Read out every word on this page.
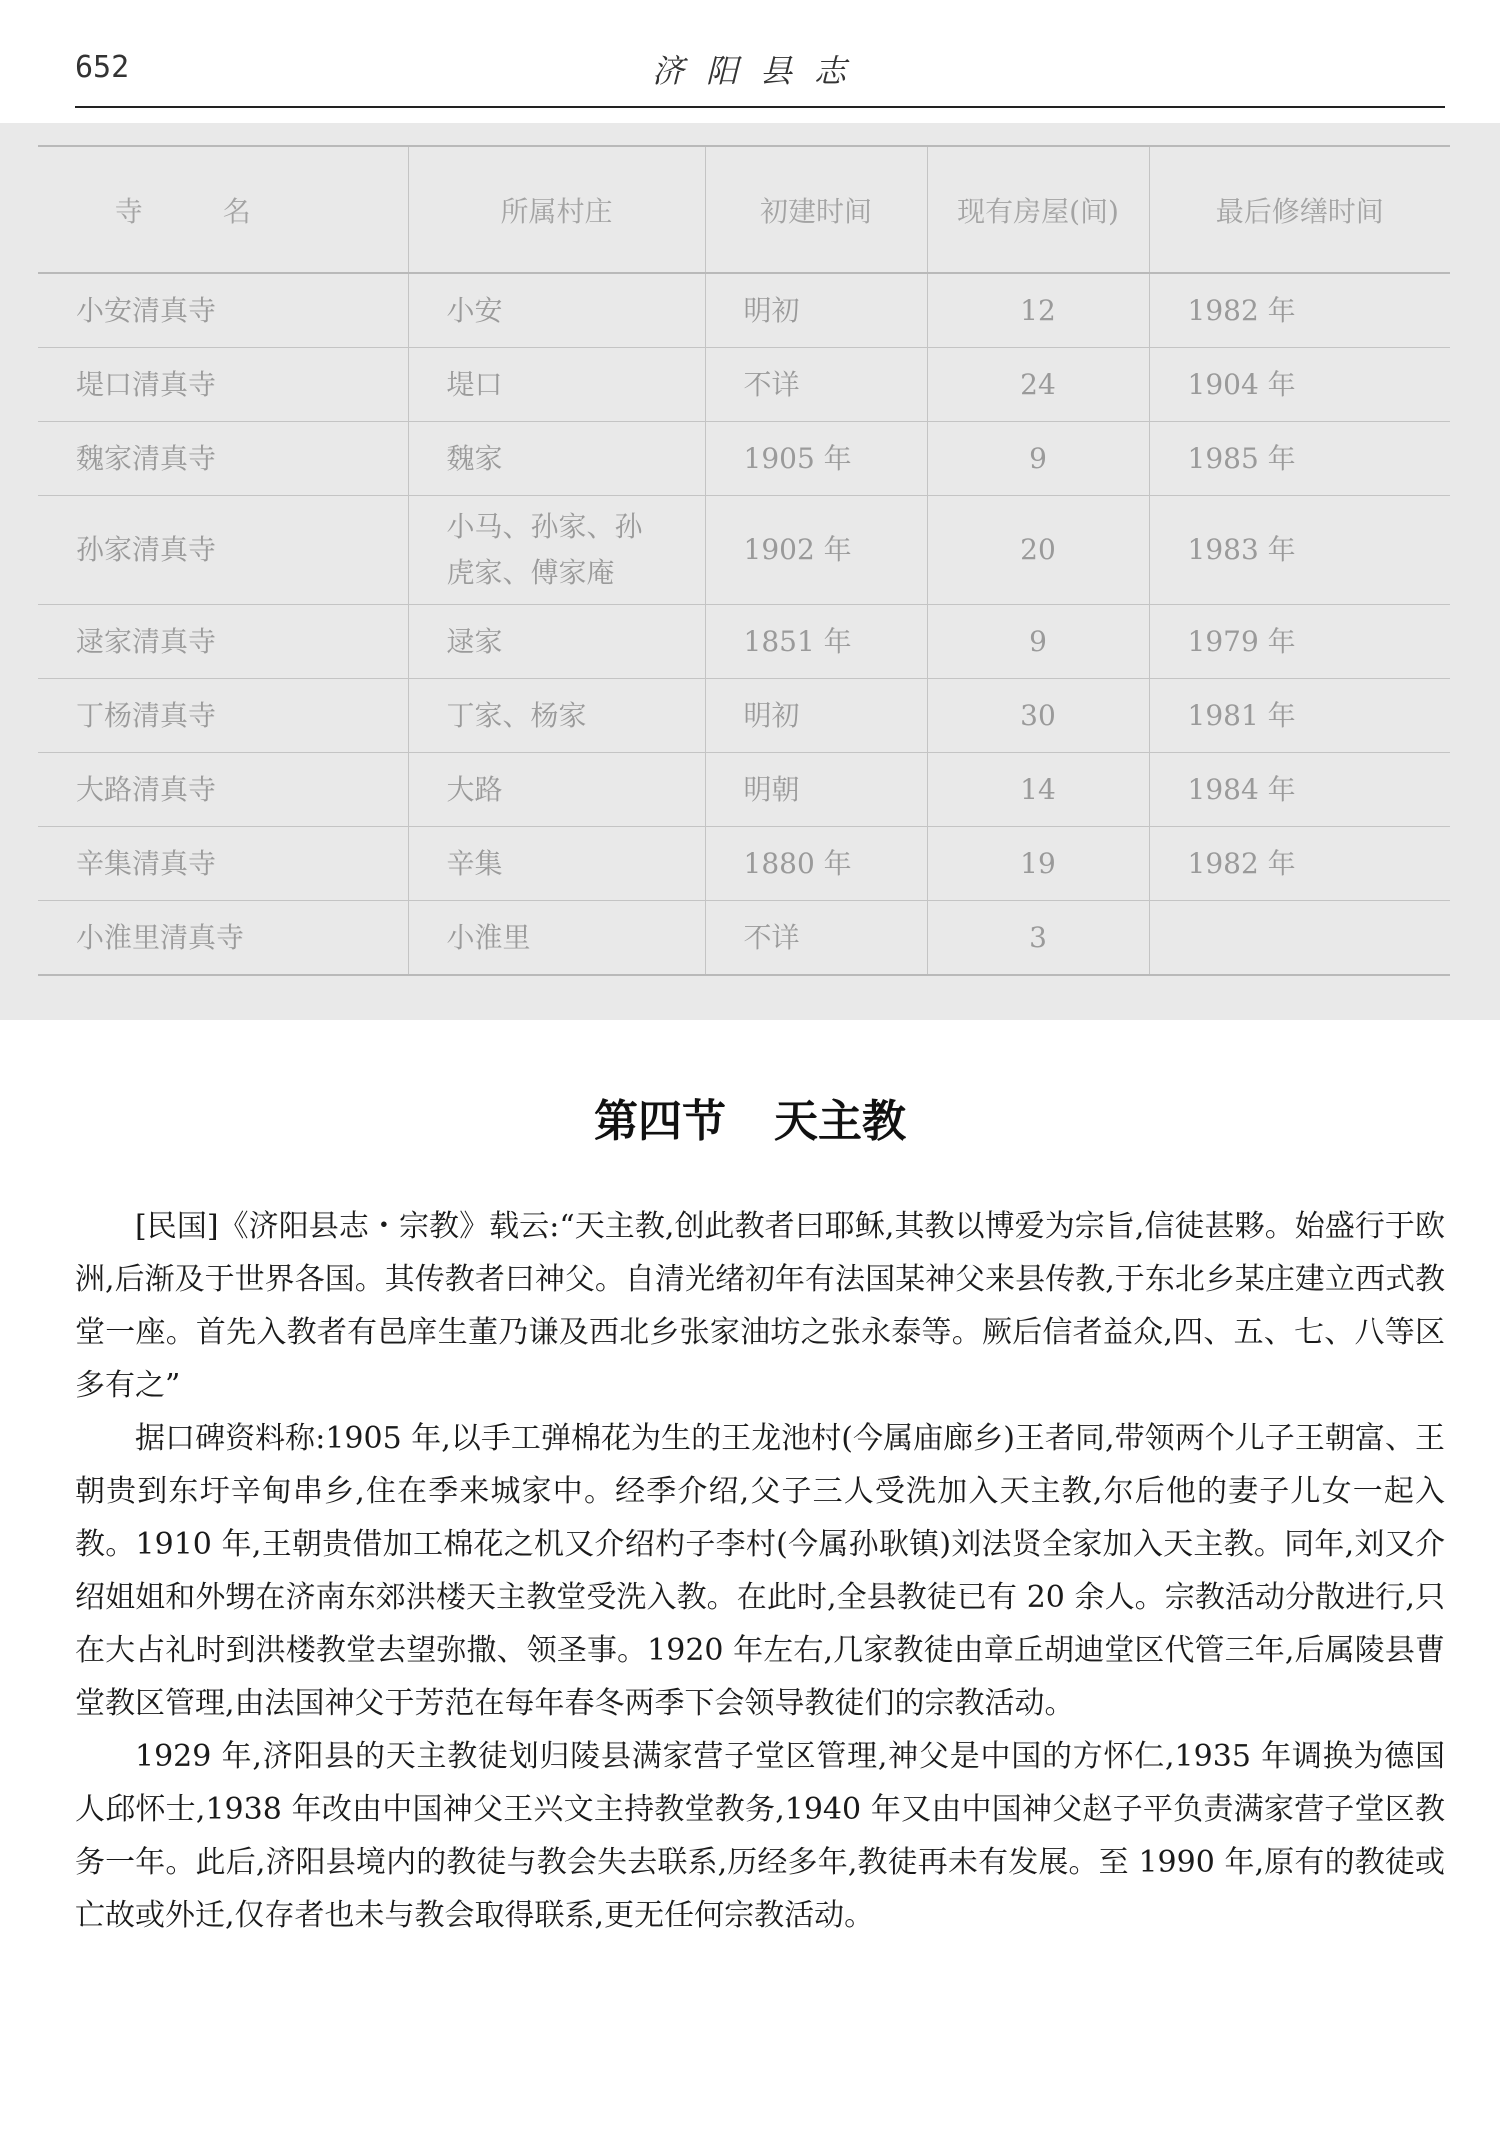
652	济阳县志
寺名	所属村庄	初建时间	现有房屋(间)	最后修缮时间
小安清真寺	小安	明初	12	1982 年
堤口清真寺	堤口	不详	24	1904 年
魏家清真寺	魏家	1905 年	9	1985 年
孙家清真寺	小马、孙家、孙虎家、傅家庵	1902 年	20	1983 年
逯家清真寺	逯家	1851 年	9	1979 年
丁杨清真寺	丁家、杨家	明初	30	1981 年
大路清真寺	大路	明朝	14	1984 年
辛集清真寺	辛集	1880 年	19	1982 年
小淮里清真寺	小淮里	不详	3	
第四节 天主教

[民国]《济阳县志・宗教》载云:“天主教,创此教者曰耶稣,其教以博爱为宗旨,信徒甚夥。始盛行于欧洲,后渐及于世界各国。其传教者曰神父。自清光绪初年有法国某神父来县传教,于东北乡某庄建立西式教堂一座。首先入教者有邑庠生董乃谦及西北乡张家油坊之张永泰等。厥后信者益众,四、五、七、八等区多有之”

据口碑资料称:1905 年,以手工弹棉花为生的王龙池村(今属庙廊乡)王者同,带领两个儿子王朝富、王朝贵到东圩辛甸串乡,住在季来城家中。经季介绍,父子三人受洗加入天主教,尔后他的妻子儿女一起入教。1910 年,王朝贵借加工棉花之机又介绍杓子李村(今属孙耿镇)刘法贤全家加入天主教。同年,刘又介绍姐姐和外甥在济南东郊洪楼天主教堂受洗入教。在此时,全县教徒已有 20 余人。宗教活动分散进行,只在大占礼时到洪楼教堂去望弥撒、领圣事。1920 年左右,几家教徒由章丘胡迪堂区代管三年,后属陵县曹堂教区管理,由法国神父于芳范在每年春冬两季下会领导教徒们的宗教活动。

1929 年,济阳县的天主教徒划归陵县满家营子堂区管理,神父是中国的方怀仁,1935 年调换为德国人邱怀士,1938 年改由中国神父王兴文主持教堂教务,1940 年又由中国神父赵子平负责满家营子堂区教务一年。此后,济阳县境内的教徒与教会失去联系,历经多年,教徒再未有发展。至 1990 年,原有的教徒或亡故或外迁,仅存者也未与教会取得联系,更无任何宗教活动。
